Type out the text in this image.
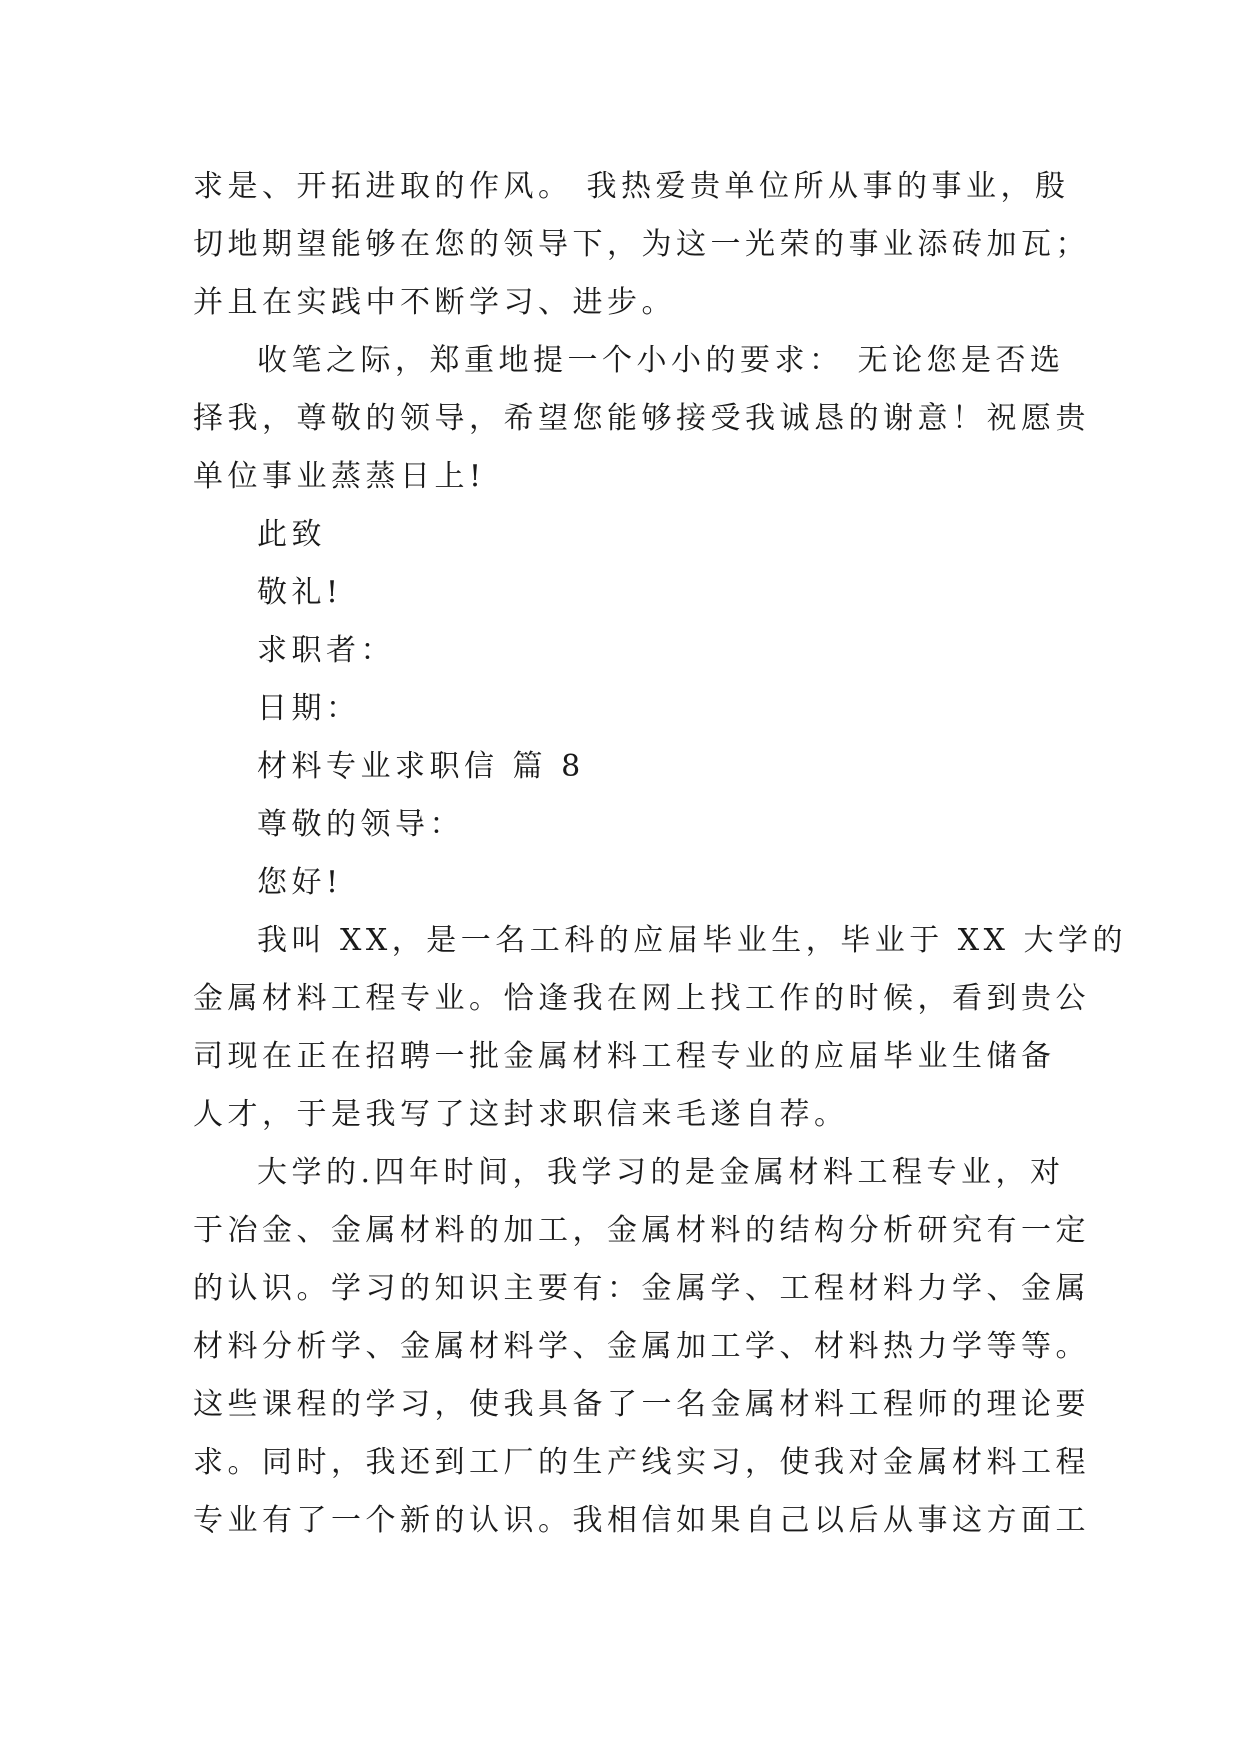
求是、开拓进取的作风。 我热爱贵单位所从事的事业，殷
切地期望能够在您的领导下，为这一光荣的事业添砖加瓦；
并且在实践中不断学习、进步。
收笔之际，郑重地提一个小小的要求： 无论您是否选
择我，尊敬的领导，希望您能够接受我诚恳的谢意！祝愿贵
单位事业蒸蒸日上!
此致
敬礼!
求职者：
日期：
材料专业求职信 篇 8
尊敬的领导：
您好!
我叫 XX，是一名工科的应届毕业生，毕业于 XX 大学的
金属材料工程专业。恰逢我在网上找工作的时候，看到贵公
司现在正在招聘一批金属材料工程专业的应届毕业生储备
人才，于是我写了这封求职信来毛遂自荐。
大学的.四年时间，我学习的是金属材料工程专业，对
于冶金、金属材料的加工，金属材料的结构分析研究有一定
的认识。学习的知识主要有：金属学、工程材料力学、金属
材料分析学、金属材料学、金属加工学、材料热力学等等。
这些课程的学习，使我具备了一名金属材料工程师的理论要
求。同时，我还到工厂的生产线实习，使我对金属材料工程
专业有了一个新的认识。我相信如果自己以后从事这方面工
